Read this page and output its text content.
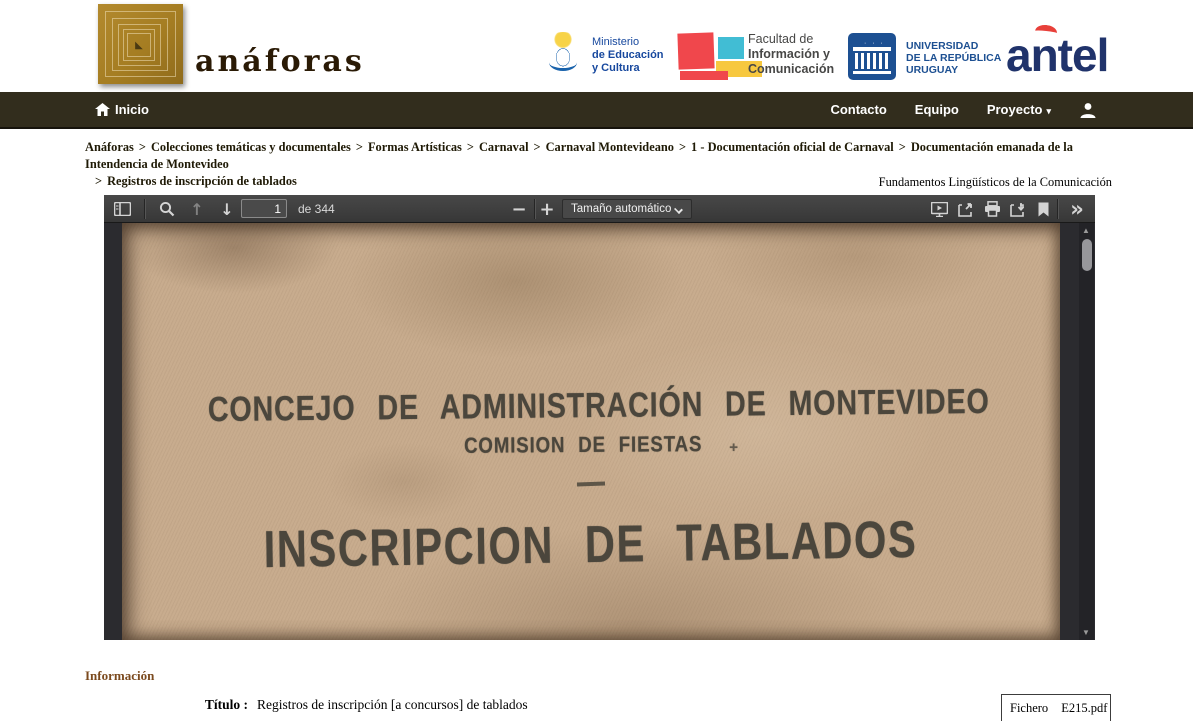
◣ anáforas
Ministerio
de Educación
y Cultura
Facultad de
Información y
Comunicación
· · · UNIVERSIDAD
DE LA REPÚBLICA
URUGUAY	antel
Inicio	Contacto Equipo Proyecto ▾
Anáforas > Colecciones temáticas y documentales > Formas Artísticas > Carnaval > Carnaval Montevideano > 1 - Documentación oficial de Carnaval > Documentación emanada de la Intendencia de Montevideo
> Registros de inscripción de tablados	Fundamentos Lingüísticos de la Comunicación
↑	↓
1	de 344	− +	Tamaño automático	»
CONCEJO DE ADMINISTRACIÓN DE MONTEVIDEO
COMISION DE FIESTAS +
INSCRIPCION DE TABLADOS
▲
▼
Información
Título : Registros de inscripción [a concursos] de tablados	Fichero E215.pdf
